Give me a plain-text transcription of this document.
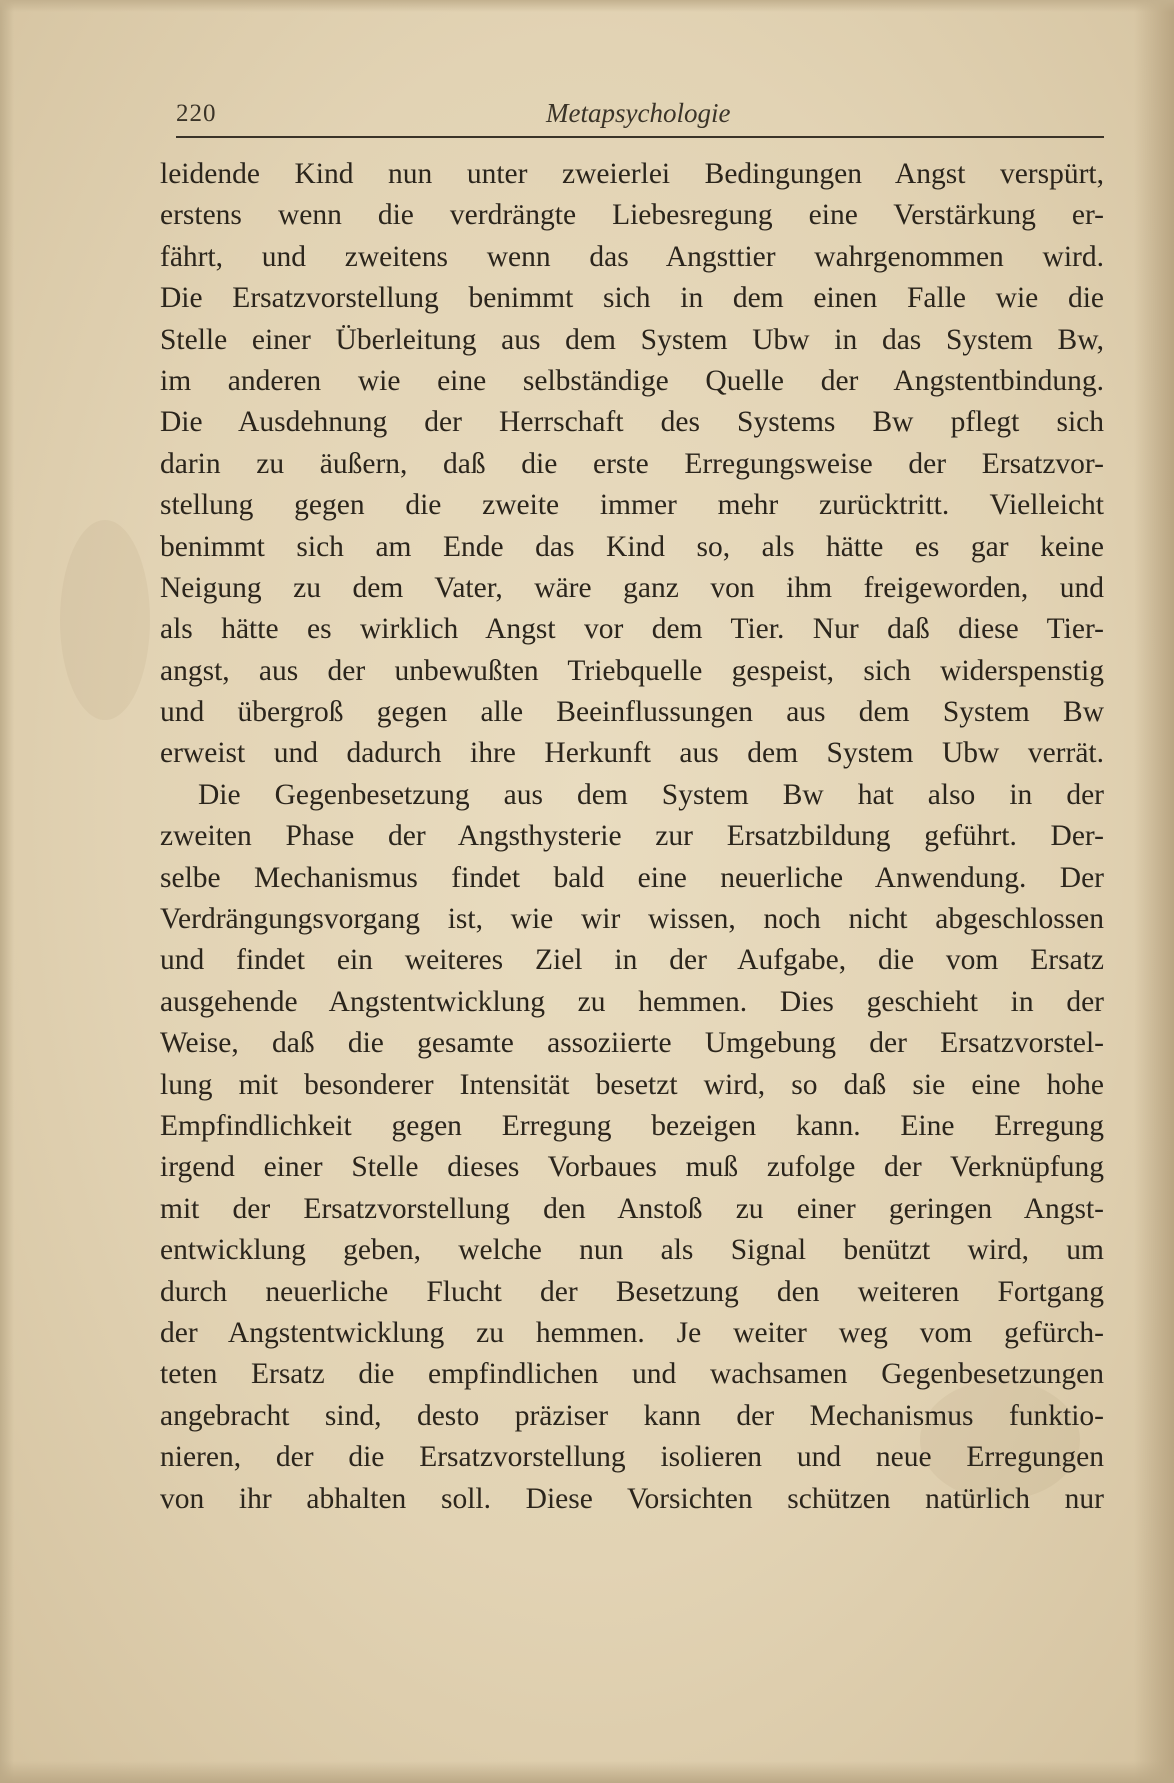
220	Metapsychologie
leidende Kind nun unter zweierlei Bedingungen Angst verspürt,
erstens wenn die verdrängte Liebesregung eine Verstärkung er-
fährt, und zweitens wenn das Angsttier wahrgenommen wird.
Die Ersatzvorstellung benimmt sich in dem einen Falle wie die
Stelle einer Überleitung aus dem System Ubw in das System Bw,
im anderen wie eine selbständige Quelle der Angstentbindung.
Die Ausdehnung der Herrschaft des Systems Bw pflegt sich
darin zu äußern, daß die erste Erregungsweise der Ersatzvor-
stellung gegen die zweite immer mehr zurücktritt. Vielleicht
benimmt sich am Ende das Kind so, als hätte es gar keine
Neigung zu dem Vater, wäre ganz von ihm freigeworden, und
als hätte es wirklich Angst vor dem Tier. Nur daß diese Tier-
angst, aus der unbewußten Triebquelle gespeist, sich widerspenstig
und übergroß gegen alle Beeinflussungen aus dem System Bw
erweist und dadurch ihre Herkunft aus dem System Ubw verrät.
Die Gegenbesetzung aus dem System Bw hat also in der
zweiten Phase der Angsthysterie zur Ersatzbildung geführt. Der-
selbe Mechanismus findet bald eine neuerliche Anwendung. Der
Verdrängungsvorgang ist, wie wir wissen, noch nicht abgeschlossen
und findet ein weiteres Ziel in der Aufgabe, die vom Ersatz
ausgehende Angstentwicklung zu hemmen. Dies geschieht in der
Weise, daß die gesamte assoziierte Umgebung der Ersatzvorstel-
lung mit besonderer Intensität besetzt wird, so daß sie eine hohe
Empfindlichkeit gegen Erregung bezeigen kann. Eine Erregung
irgend einer Stelle dieses Vorbaues muß zufolge der Verknüpfung
mit der Ersatzvorstellung den Anstoß zu einer geringen Angst-
entwicklung geben, welche nun als Signal benützt wird, um
durch neuerliche Flucht der Besetzung den weiteren Fortgang
der Angstentwicklung zu hemmen. Je weiter weg vom gefürch-
teten Ersatz die empfindlichen und wachsamen Gegenbesetzungen
angebracht sind, desto präziser kann der Mechanismus funktio-
nieren, der die Ersatzvorstellung isolieren und neue Erregungen
von ihr abhalten soll. Diese Vorsichten schützen natürlich nur
